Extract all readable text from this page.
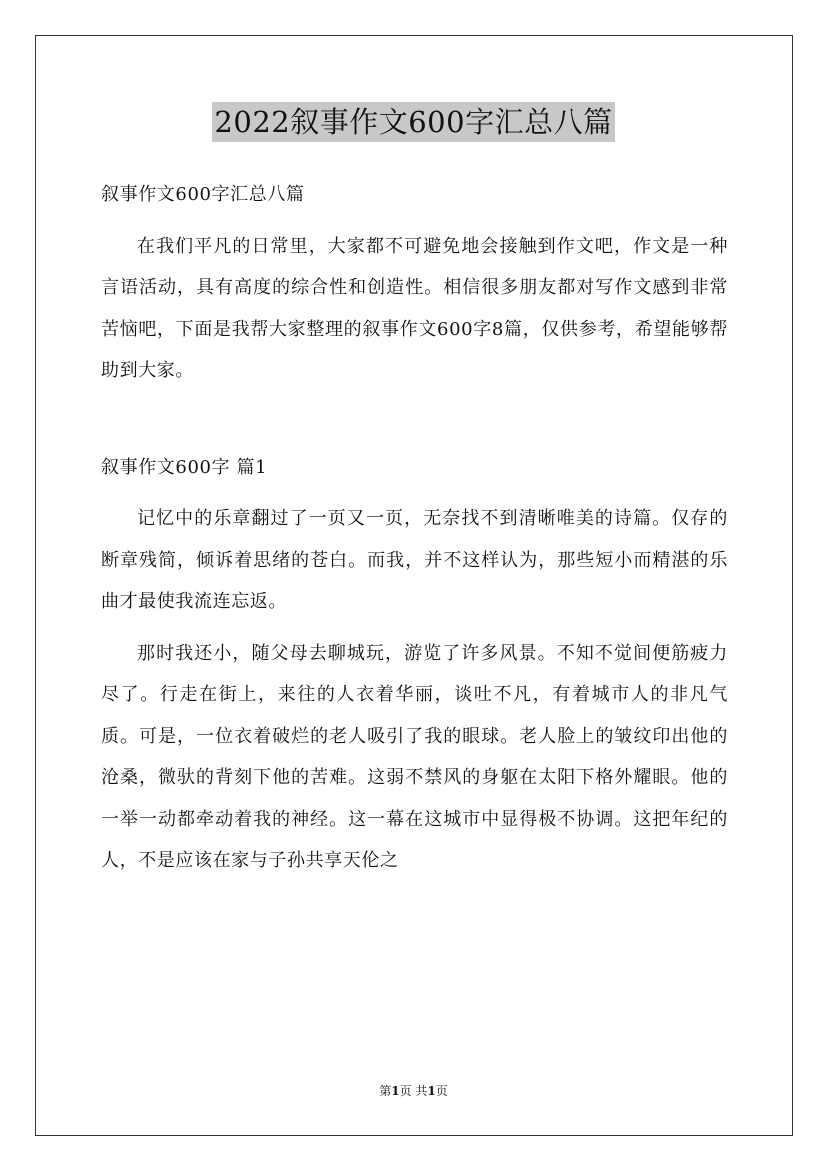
2022叙事作文600字汇总八篇

叙事作文600字汇总八篇

在我们平凡的日常里，大家都不可避免地会接触到作文吧，作文是一种言语活动，具有高度的综合性和创造性。相信很多朋友都对写作文感到非常苦恼吧，下面是我帮大家整理的叙事作文600字8篇，仅供参考，希望能够帮助到大家。

叙事作文600字 篇1

记忆中的乐章翻过了一页又一页，无奈找不到清晰唯美的诗篇。仅存的断章残简，倾诉着思绪的苍白。而我，并不这样认为，那些短小而精湛的乐曲才最使我流连忘返。

那时我还小，随父母去聊城玩，游览了许多风景。不知不觉间便筋疲力尽了。行走在街上，来往的人衣着华丽，谈吐不凡，有着城市人的非凡气质。可是，一位衣着破烂的老人吸引了我的眼球。老人脸上的皱纹印出他的沧桑，微驮的背刻下他的苦难。这弱不禁风的身躯在太阳下格外耀眼。他的一举一动都牵动着我的神经。这一幕在这城市中显得极不协调。这把年纪的人，不是应该在家与子孙共享天伦之

第1页 共1页
